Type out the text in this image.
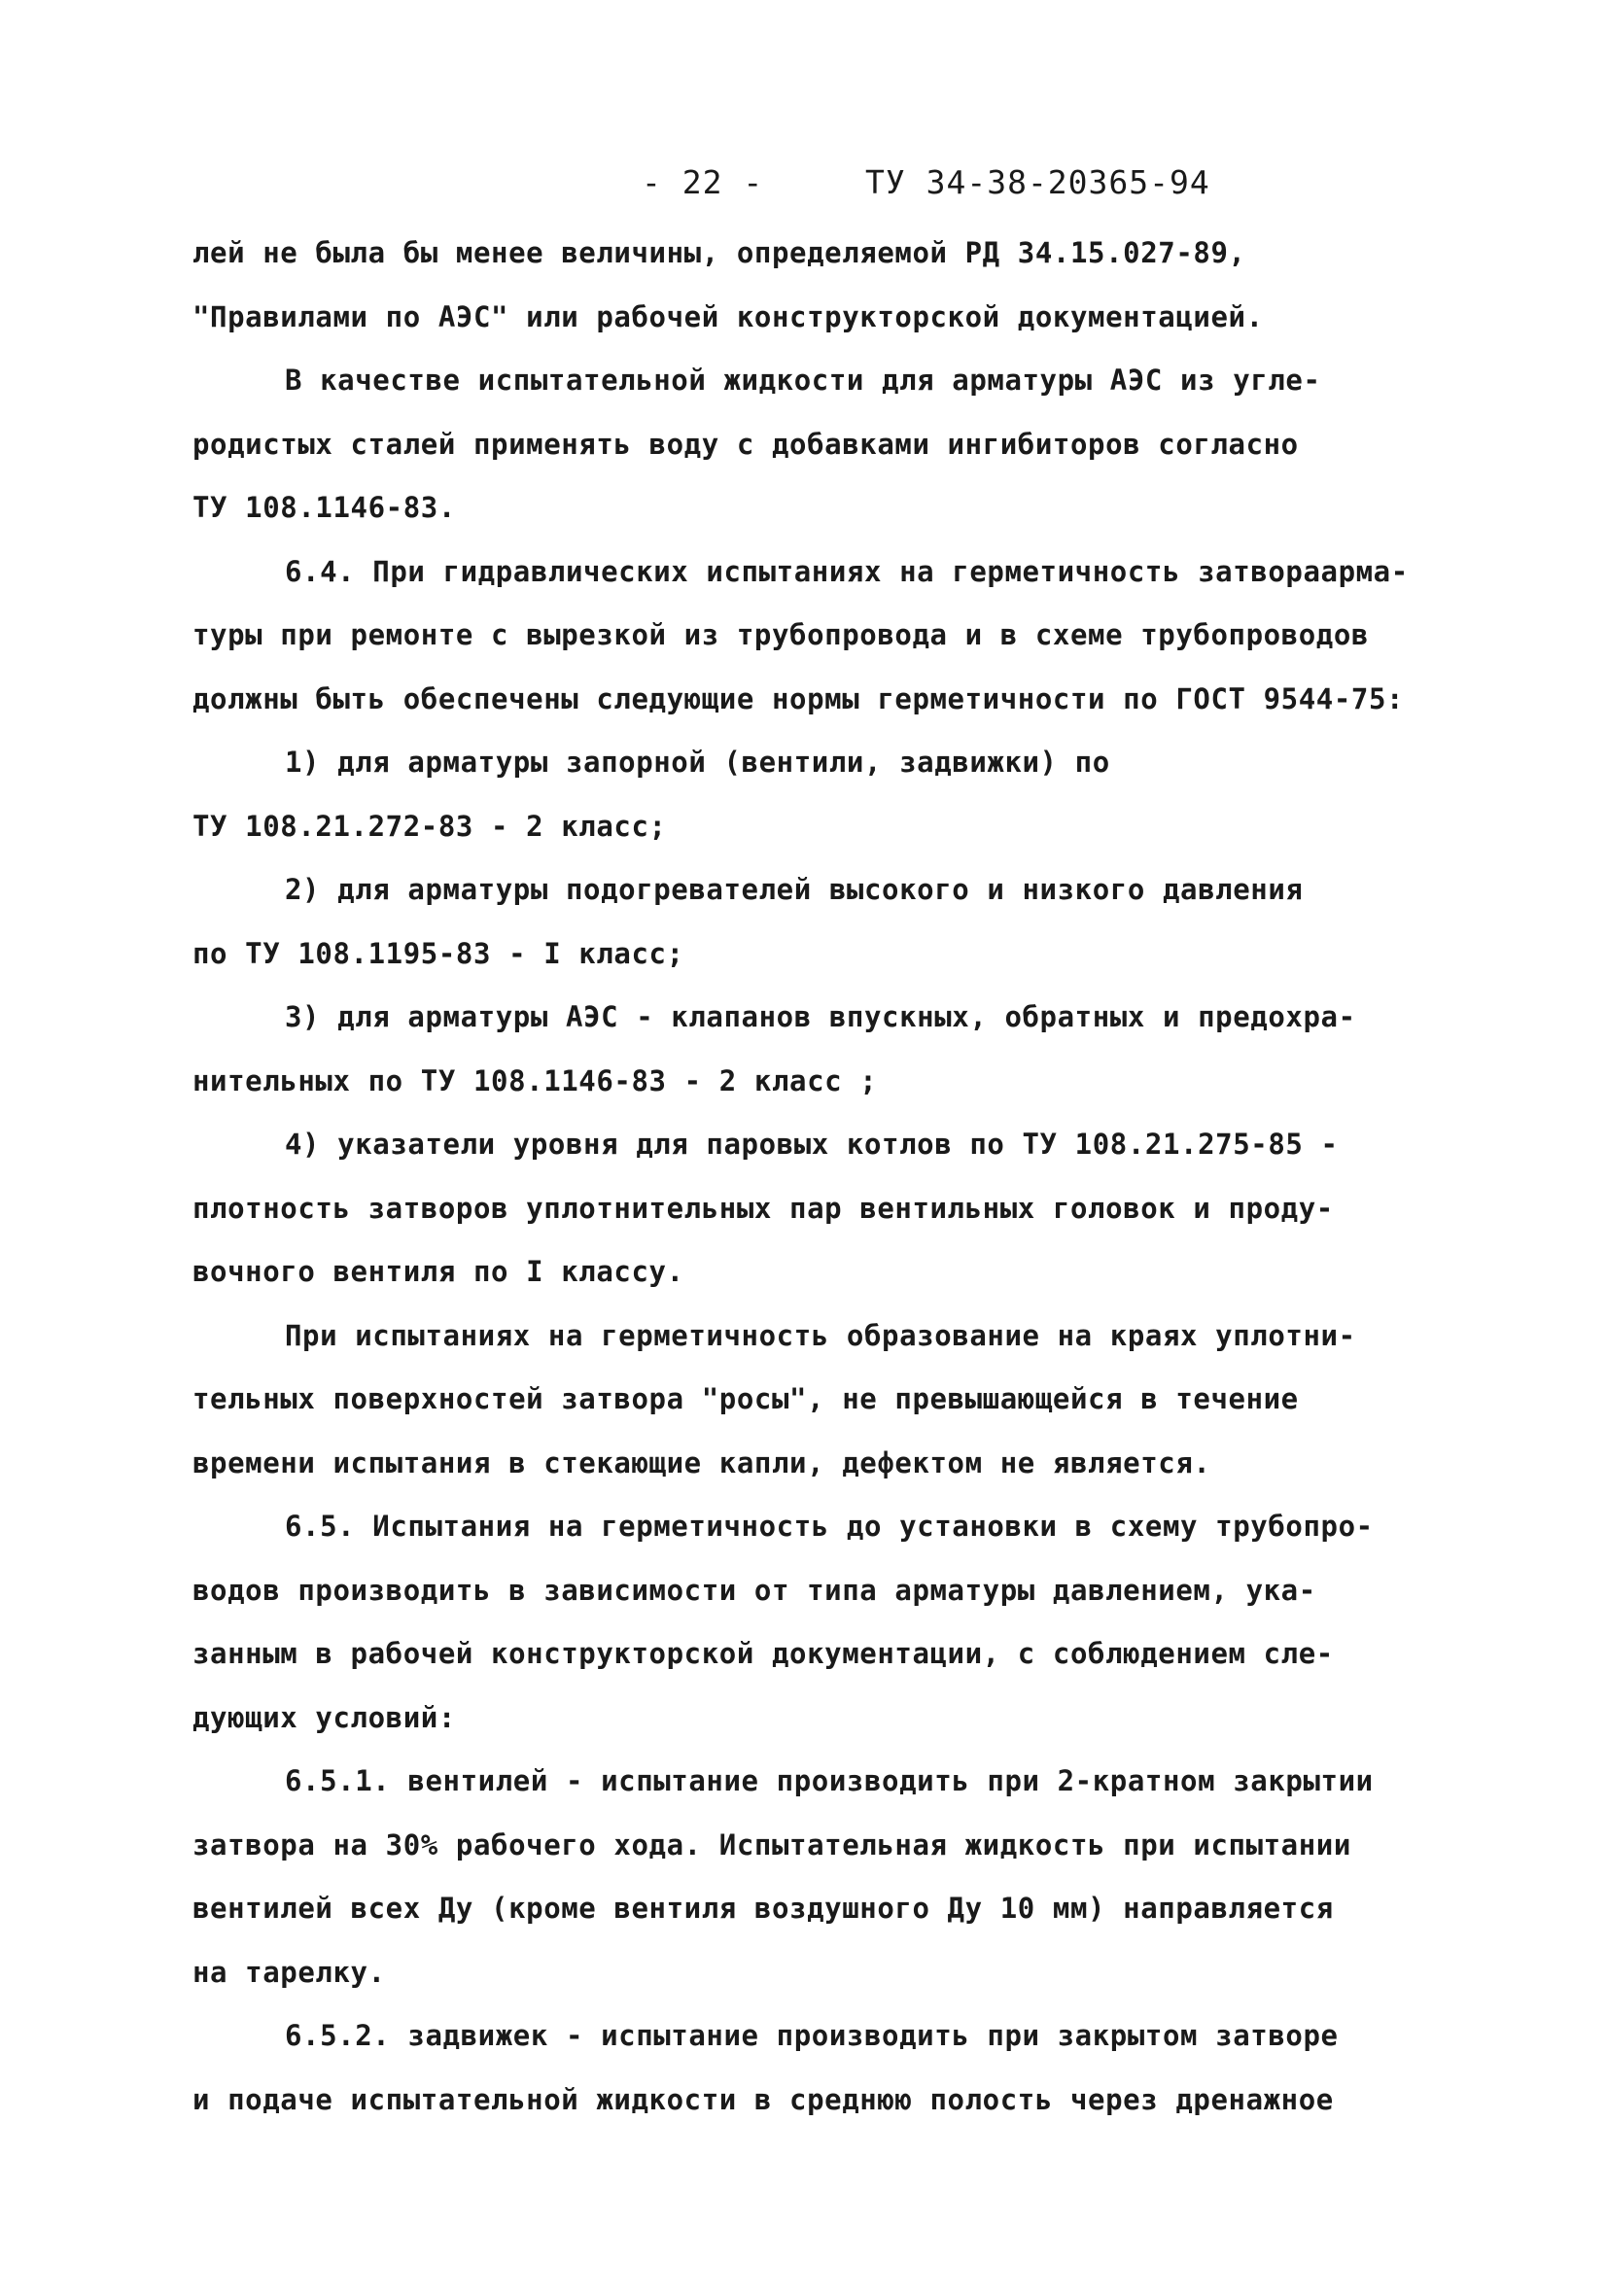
- 22 -	ТУ 34-38-20365-94
лей не была бы менее величины, определяемой РД 34.15.027-89,
"Правилами по АЭС" или рабочей конструкторской документацией.
В качестве испытательной жидкости для арматуры АЭС из угле-
родистых сталей применять воду с добавками ингибиторов согласно
ТУ 108.1146-83.
6.4. При гидравлических испытаниях на герметичность затвораарма-
туры при ремонте с вырезкой из трубопровода и в схеме трубопроводов
должны быть обеспечены следующие нормы герметичности по ГОСТ 9544-75:
1) для арматуры запорной (вентили, задвижки) по
ТУ 108.21.272-83 - 2 класс;
2) для арматуры подогревателей высокого и низкого давления
по ТУ 108.1195-83 - I класс;
3) для арматуры АЭС - клапанов впускных, обратных и предохра-
нительных по ТУ 108.1146-83 - 2 класс ;
4) указатели уровня для паровых котлов по ТУ 108.21.275-85 -
плотность затворов уплотнительных пар вентильных головок и проду-
вочного вентиля по I классу.
При испытаниях на герметичность образование на краях уплотни-
тельных поверхностей затвора "росы", не превышающейся в течение
времени испытания в стекающие капли, дефектом не является.
6.5. Испытания на герметичность до установки в схему трубопро-
водов производить в зависимости от типа арматуры давлением, ука-
занным в рабочей конструкторской документации, с соблюдением сле-
дующих условий:
6.5.1. вентилей - испытание производить при 2-кратном закрытии
затвора на 30% рабочего хода. Испытательная жидкость при испытании
вентилей всех Ду (кроме вентиля воздушного Ду 10 мм) направляется
на тарелку.
6.5.2. задвижек - испытание производить при закрытом затворе
и подаче испытательной жидкости в среднюю полость через дренажное
